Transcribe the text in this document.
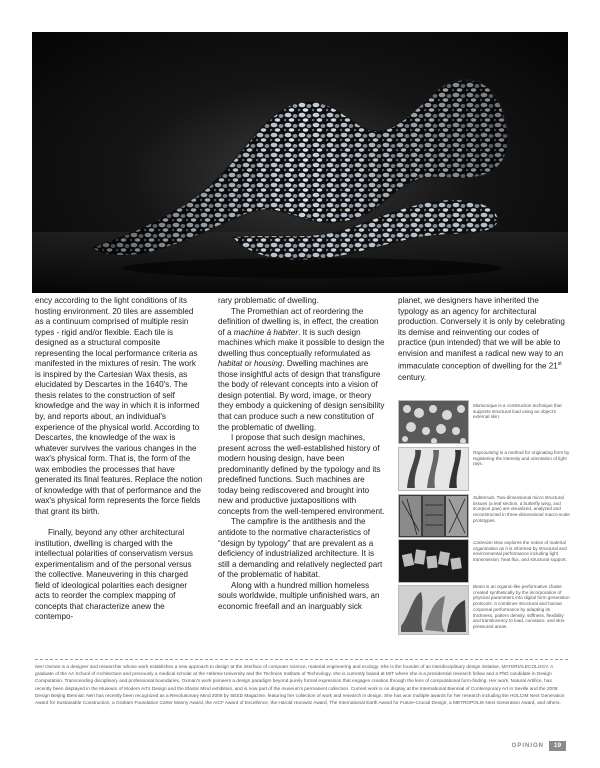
ency according to the light conditions of its hosting environment. 20 tiles are assembled as a continuum comprised of multiple resin types - rigid and/or flexible. Each tile is designed as a structural composite representing the local performance criteria as manifested in the mixtures of resin. The work is inspired by the Cartesian Wax thesis, as elucidated by Descartes in the 1640's. The thesis relates to the construction of self knowledge and the way in which it is informed by, and reports about, an individual's experience of the physical world. According to Descartes, the knowledge of the wax is whatever survives the various changes in the wax's physical form. That is, the form of the wax embodies the processes that have generated its final features. Replace the notion of knowledge with that of performance and the wax's physical form represents the force fields that grant its birth.

Finally, beyond any other architectural institution, dwelling is charged with the intellectual polarities of conservatism versus experimentalism and of the personal versus the collective. Maneuvering in this charged field of ideological polarities each designer acts to reorder the complex mapping of concepts that characterize anew the contempo-

rary problematic of dwelling.

The Promethian act of reordering the definition of dwelling is, in effect, the creation of a machine à habiter. It is such design machines which make it possible to design the dwelling thus conceptually reformulated as habitat or housing. Dwelling machines are those insightful acts of design that transfigure the body of relevant concepts into a vision of design potential. By word, image, or theory they embody a quickening of design sensibility that can produce such a new constitution of the problematic of dwelling.

I propose that such design machines, present across the well-established history of modern housing design, have been predominantly defined by the typology and its predefined functions. Such machines are today being rediscovered and brought into new and productive juxtapositions with concepts from the well-tempered environment.

The campfire is the antithesis and the antidote to the normative characteristics of “design by typology” that are prevalent as a deficiency of industrialized architecture. It is still a demanding and relatively neglected part of the problematic of habitat.

Along with a hundred million homeless souls worldwide, multiple unfinished wars, an economic freefall and an inarguably sick

planet, we designers have inherited the typology as an agency for architectural production. Conversely it is only by celebrating its demise and reinventing our codes of practice (pun intended) that we will be able to envision and manifest a radical new way to an immaculate conception of dwelling for the 21st century.

Monocoque is a construction technique that supports structural load using an object's external skin.
Raycounting is a method for originating form by registering the intensity and orientation of light rays.
Subterrain. Two-dimensional micro structural tissues (a leaf section, a butterfly wing, and scorpion paw) are visualized, analyzed and reconstructed in three-dimensional macro-scale prototypes.
Cartesian Wax explores the notion of material organization as it is informed by structural and environmental performance including light transmission, heat flux, and structural support.
Beast is an organic-like performative chaise created synthetically by the incorporation of physical parameters into digital form generation protocols. It combines structural and human corporeal performance by adapting its thickness, pattern density, stiffness, flexibility and translucency to load, curvature, and skin-pressured areas.
Neri Oxman is a designer and researcher whose work establishes a new approach to design at the interface of computer science, material engineering and ecology. She is the founder of an interdisciplinary design initiative, MATERIALECOLOGY. A graduate of the AA School of Architecture and previously a medical scholar at the Hebrew University and the Technion Institute of Technology, she is currently based at MIT where she is a presidential research fellow and a PhD candidate in Design Computation. Transcending disciplinary and professional boundaries, Oxman's work pioneers a design paradigm beyond purely formal expression that engages creation through the lens of computational form-finding. Her work, Natural Artifice, has recently been displayed in the Museum of Modern Art's Design and the Elastic Mind exhibition, and is now part of the museum's permanent collection. Current work is on display at the International Biennial of Contemporary Art in Seville and the 2008 Design Beijing Biennial. Neri has recently been recognized as a Revolutionary Mind 2008 by SEED Magazine, featuring her collection of work and research in design. She has won multiple awards for her research including the HOLCIM Next Generation Award for Sustainable Construction, a Graham Foundation Carter Manny Award, the AICF Award of Excellence, the Harold Horowitz Award, The International Earth Award for Future-Crucial Design, a METROPOLIS Next Generation Award, and others.
OPINION	19
